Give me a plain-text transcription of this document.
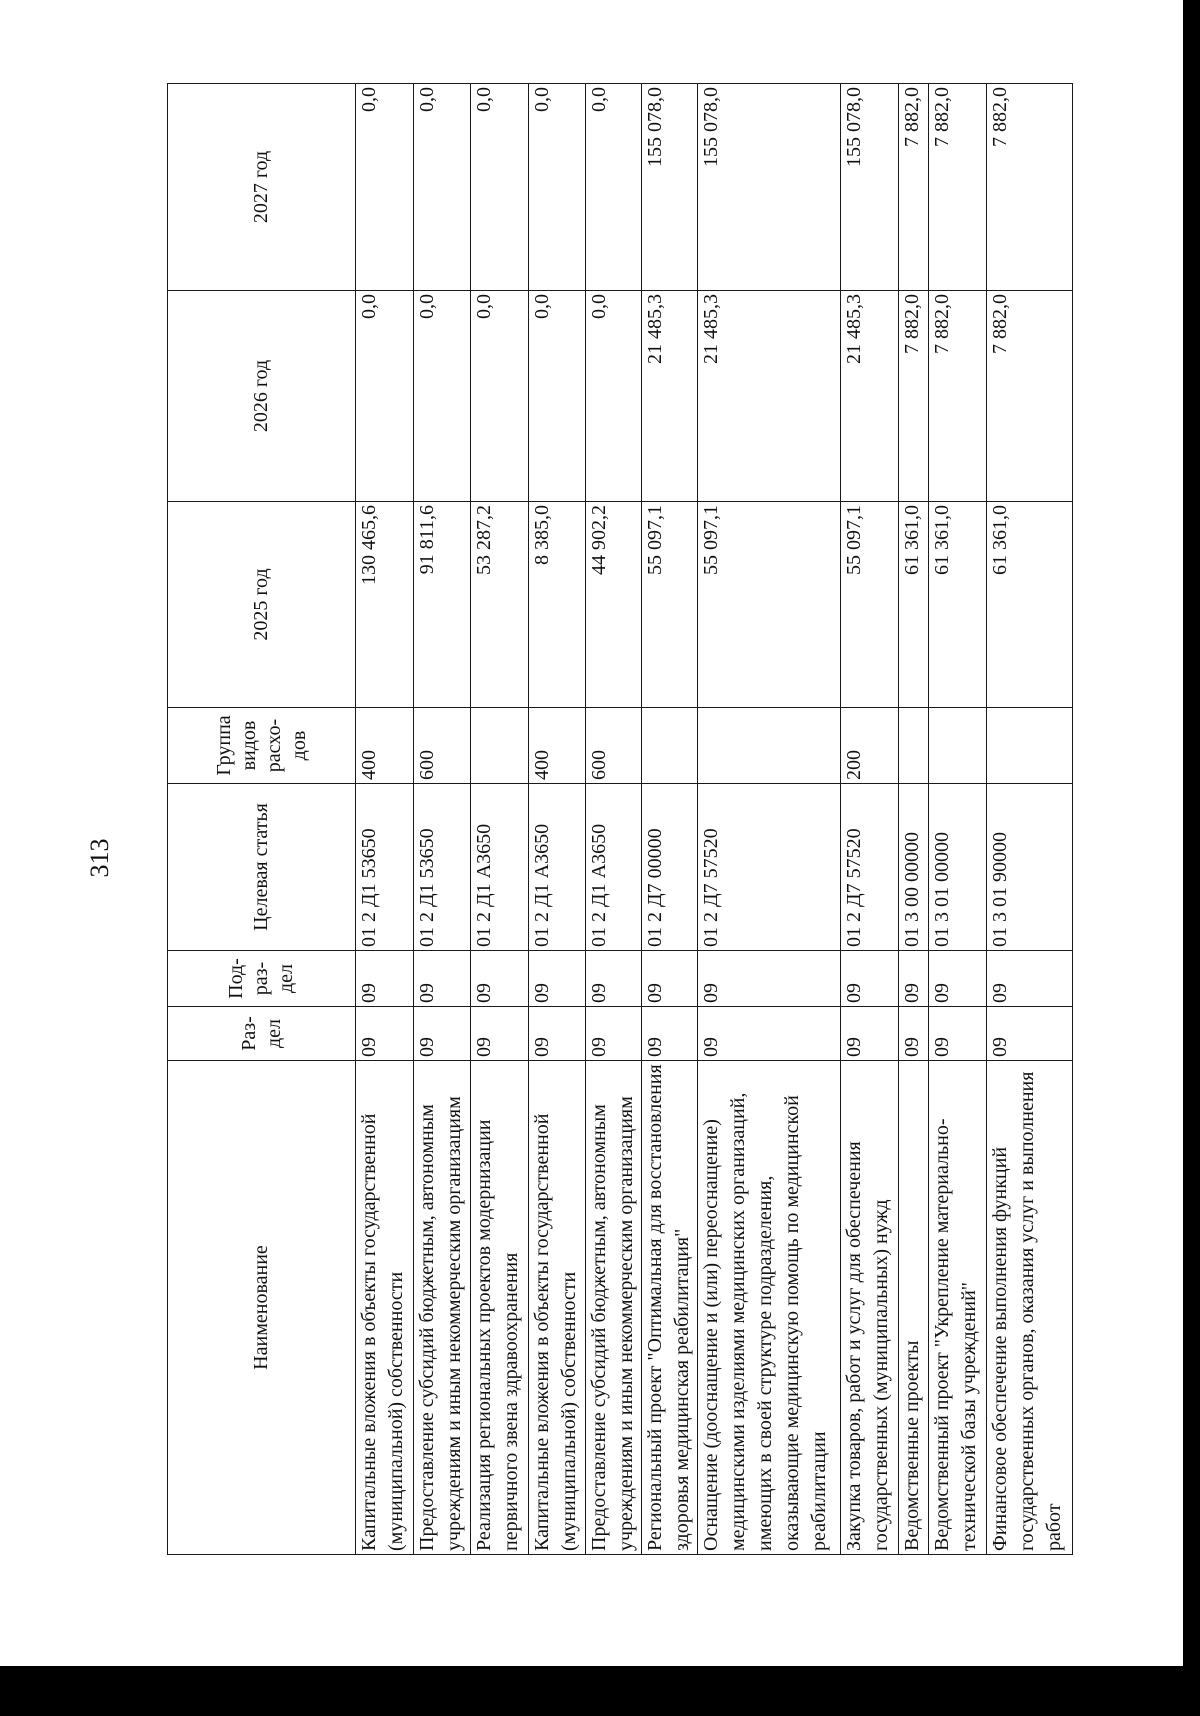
313
Наименование	Раз-дел	Под-раз-дел	Целевая статья	Группа видов расхо-дов	2025 год	2026 год	2027 год
Капитальные вложения в объекты государственной (муниципальной) собственности	09	09	01 2 Д1 53650	400	130 465,6	0,0	0,0
Предоставление субсидий бюджетным, автономным учреждениям и иным некоммерческим организациям	09	09	01 2 Д1 53650	600	91 811,6	0,0	0,0
Реализация региональных проектов модернизации первичного звена здравоохранения	09	09	01 2 Д1 А3650		53 287,2	0,0	0,0
Капитальные вложения в объекты государственной (муниципальной) собственности	09	09	01 2 Д1 А3650	400	8 385,0	0,0	0,0
Предоставление субсидий бюджетным, автономным учреждениям и иным некоммерческим организациям	09	09	01 2 Д1 А3650	600	44 902,2	0,0	0,0
Региональный проект "Оптимальная для восстановления здоровья медицинская реабилитация"	09	09	01 2 Д7 00000		55 097,1	21 485,3	155 078,0
Оснащение (дооснащение и (или) переоснащение) медицинскими изделиями медицинских организаций, имеющих в своей структуре подразделения, оказывающие медицинскую помощь по медицинской реабилитации	09	09	01 2 Д7 57520		55 097,1	21 485,3	155 078,0
Закупка товаров, работ и услуг для обеспечения государственных (муниципальных) нужд	09	09	01 2 Д7 57520	200	55 097,1	21 485,3	155 078,0
Ведомственные проекты	09	09	01 3 00 00000		61 361,0	7 882,0	7 882,0
Ведомственный проект "Укрепление материально-технической базы учреждений"	09	09	01 3 01 00000		61 361,0	7 882,0	7 882,0
Финансовое обеспечение выполнения функций государственных органов, оказания услуг и выполнения работ	09	09	01 3 01 90000		61 361,0	7 882,0	7 882,0
